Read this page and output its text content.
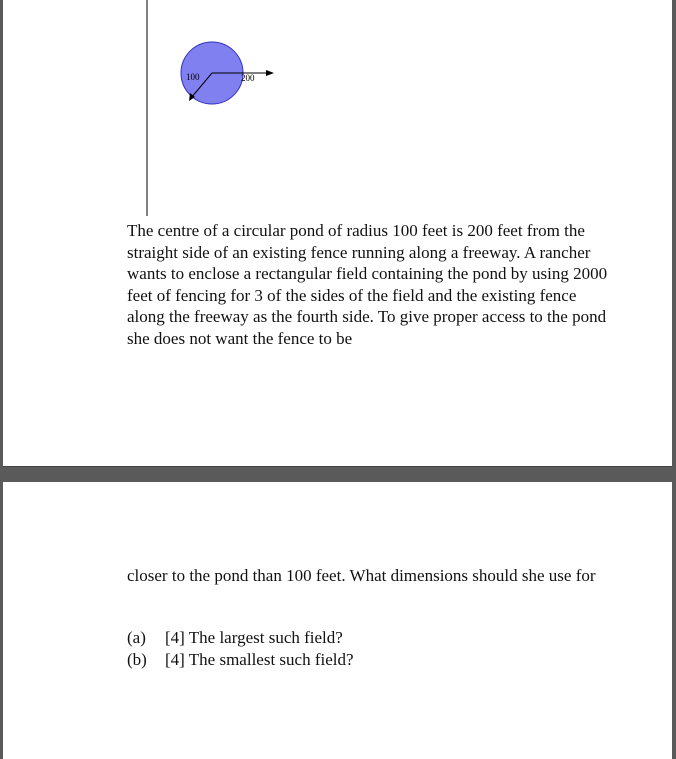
100	200

The centre of a circular pond of radius 100 feet is 200 feet from the straight side of an existing fence running along a freeway. A rancher wants to enclose a rectangular field containing the pond by using 2000 feet of fencing for 3 of the sides of the field and the existing fence along the freeway as the fourth side. To give proper access to the pond she does not want the fence to be

closer to the pond than 100 feet. What dimensions should she use for

(a) [4] The largest such field?
(b) [4] The smallest such field?
